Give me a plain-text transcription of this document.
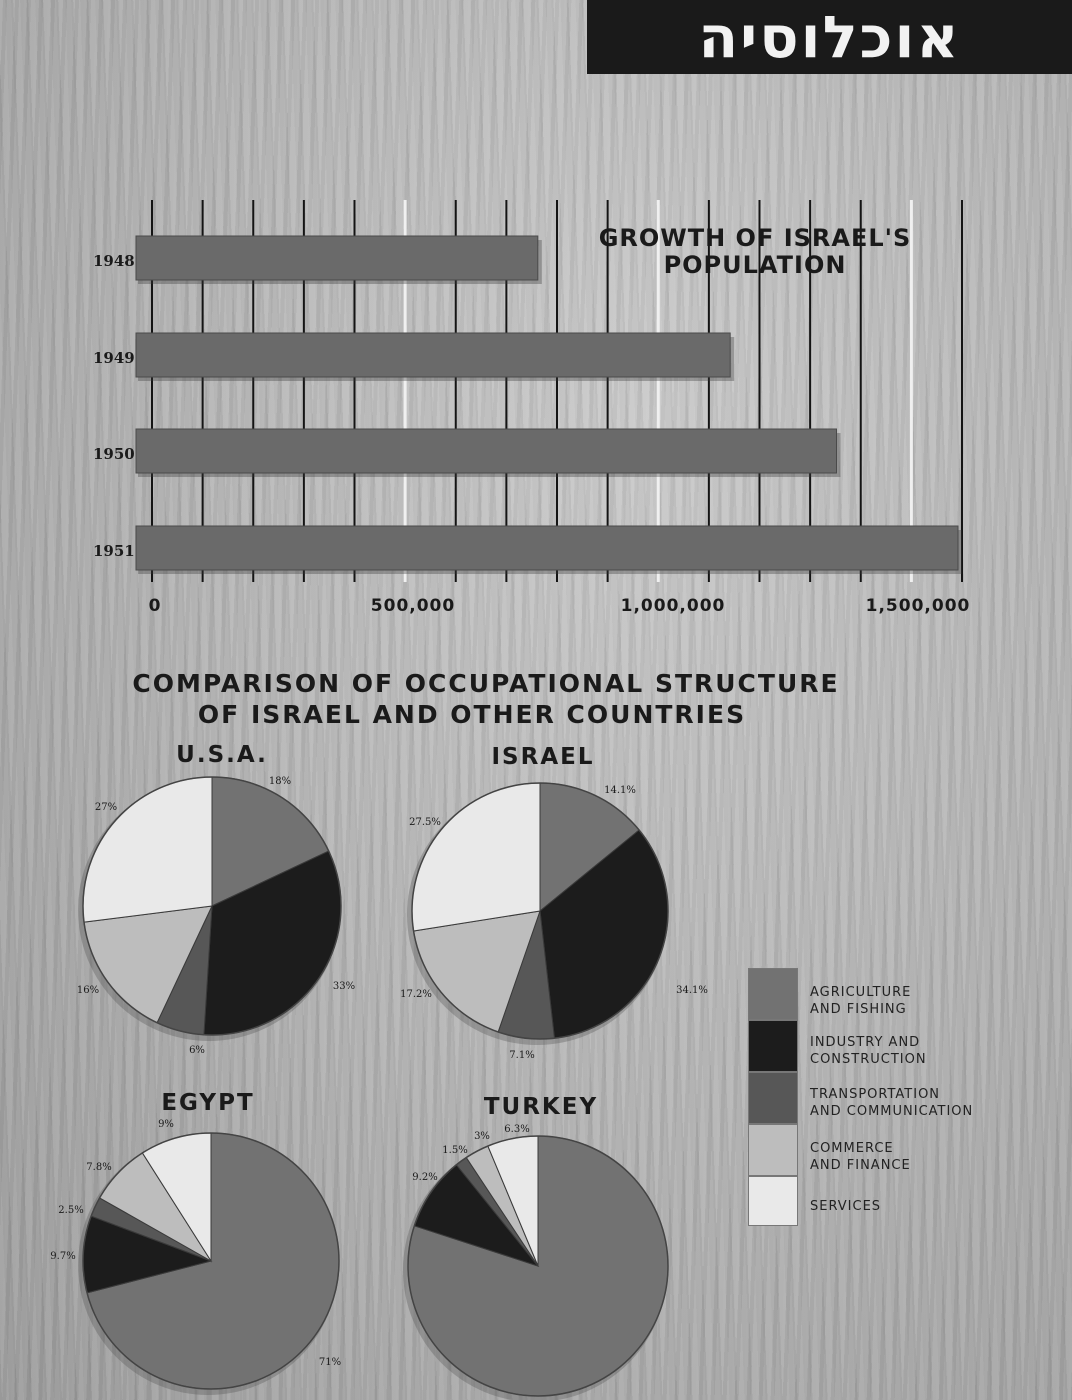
אוכלוסיה
1948
1949
1950
1951
0	500,000	1,000,000	1,500,000
GROWTH OF ISRAEL'S POPULATION
COMPARISON OF OCCUPATIONAL STRUCTURE OF ISRAEL AND OTHER COUNTRIES
U.S.A.
18%
33%
6%
16%
27%
ISRAEL
14.1%
34.1%
7.1%
17.2%
27.5%
EGYPT
71%
9.7%
2.5%
7.8%
9%
TURKEY
9.2%
1.5%
3%
6.3%
AGRICULTURE
AND FISHING
INDUSTRY AND
CONSTRUCTION
TRANSPORTATION
AND COMMUNICATION
COMMERCE
AND FINANCE
SERVICES
